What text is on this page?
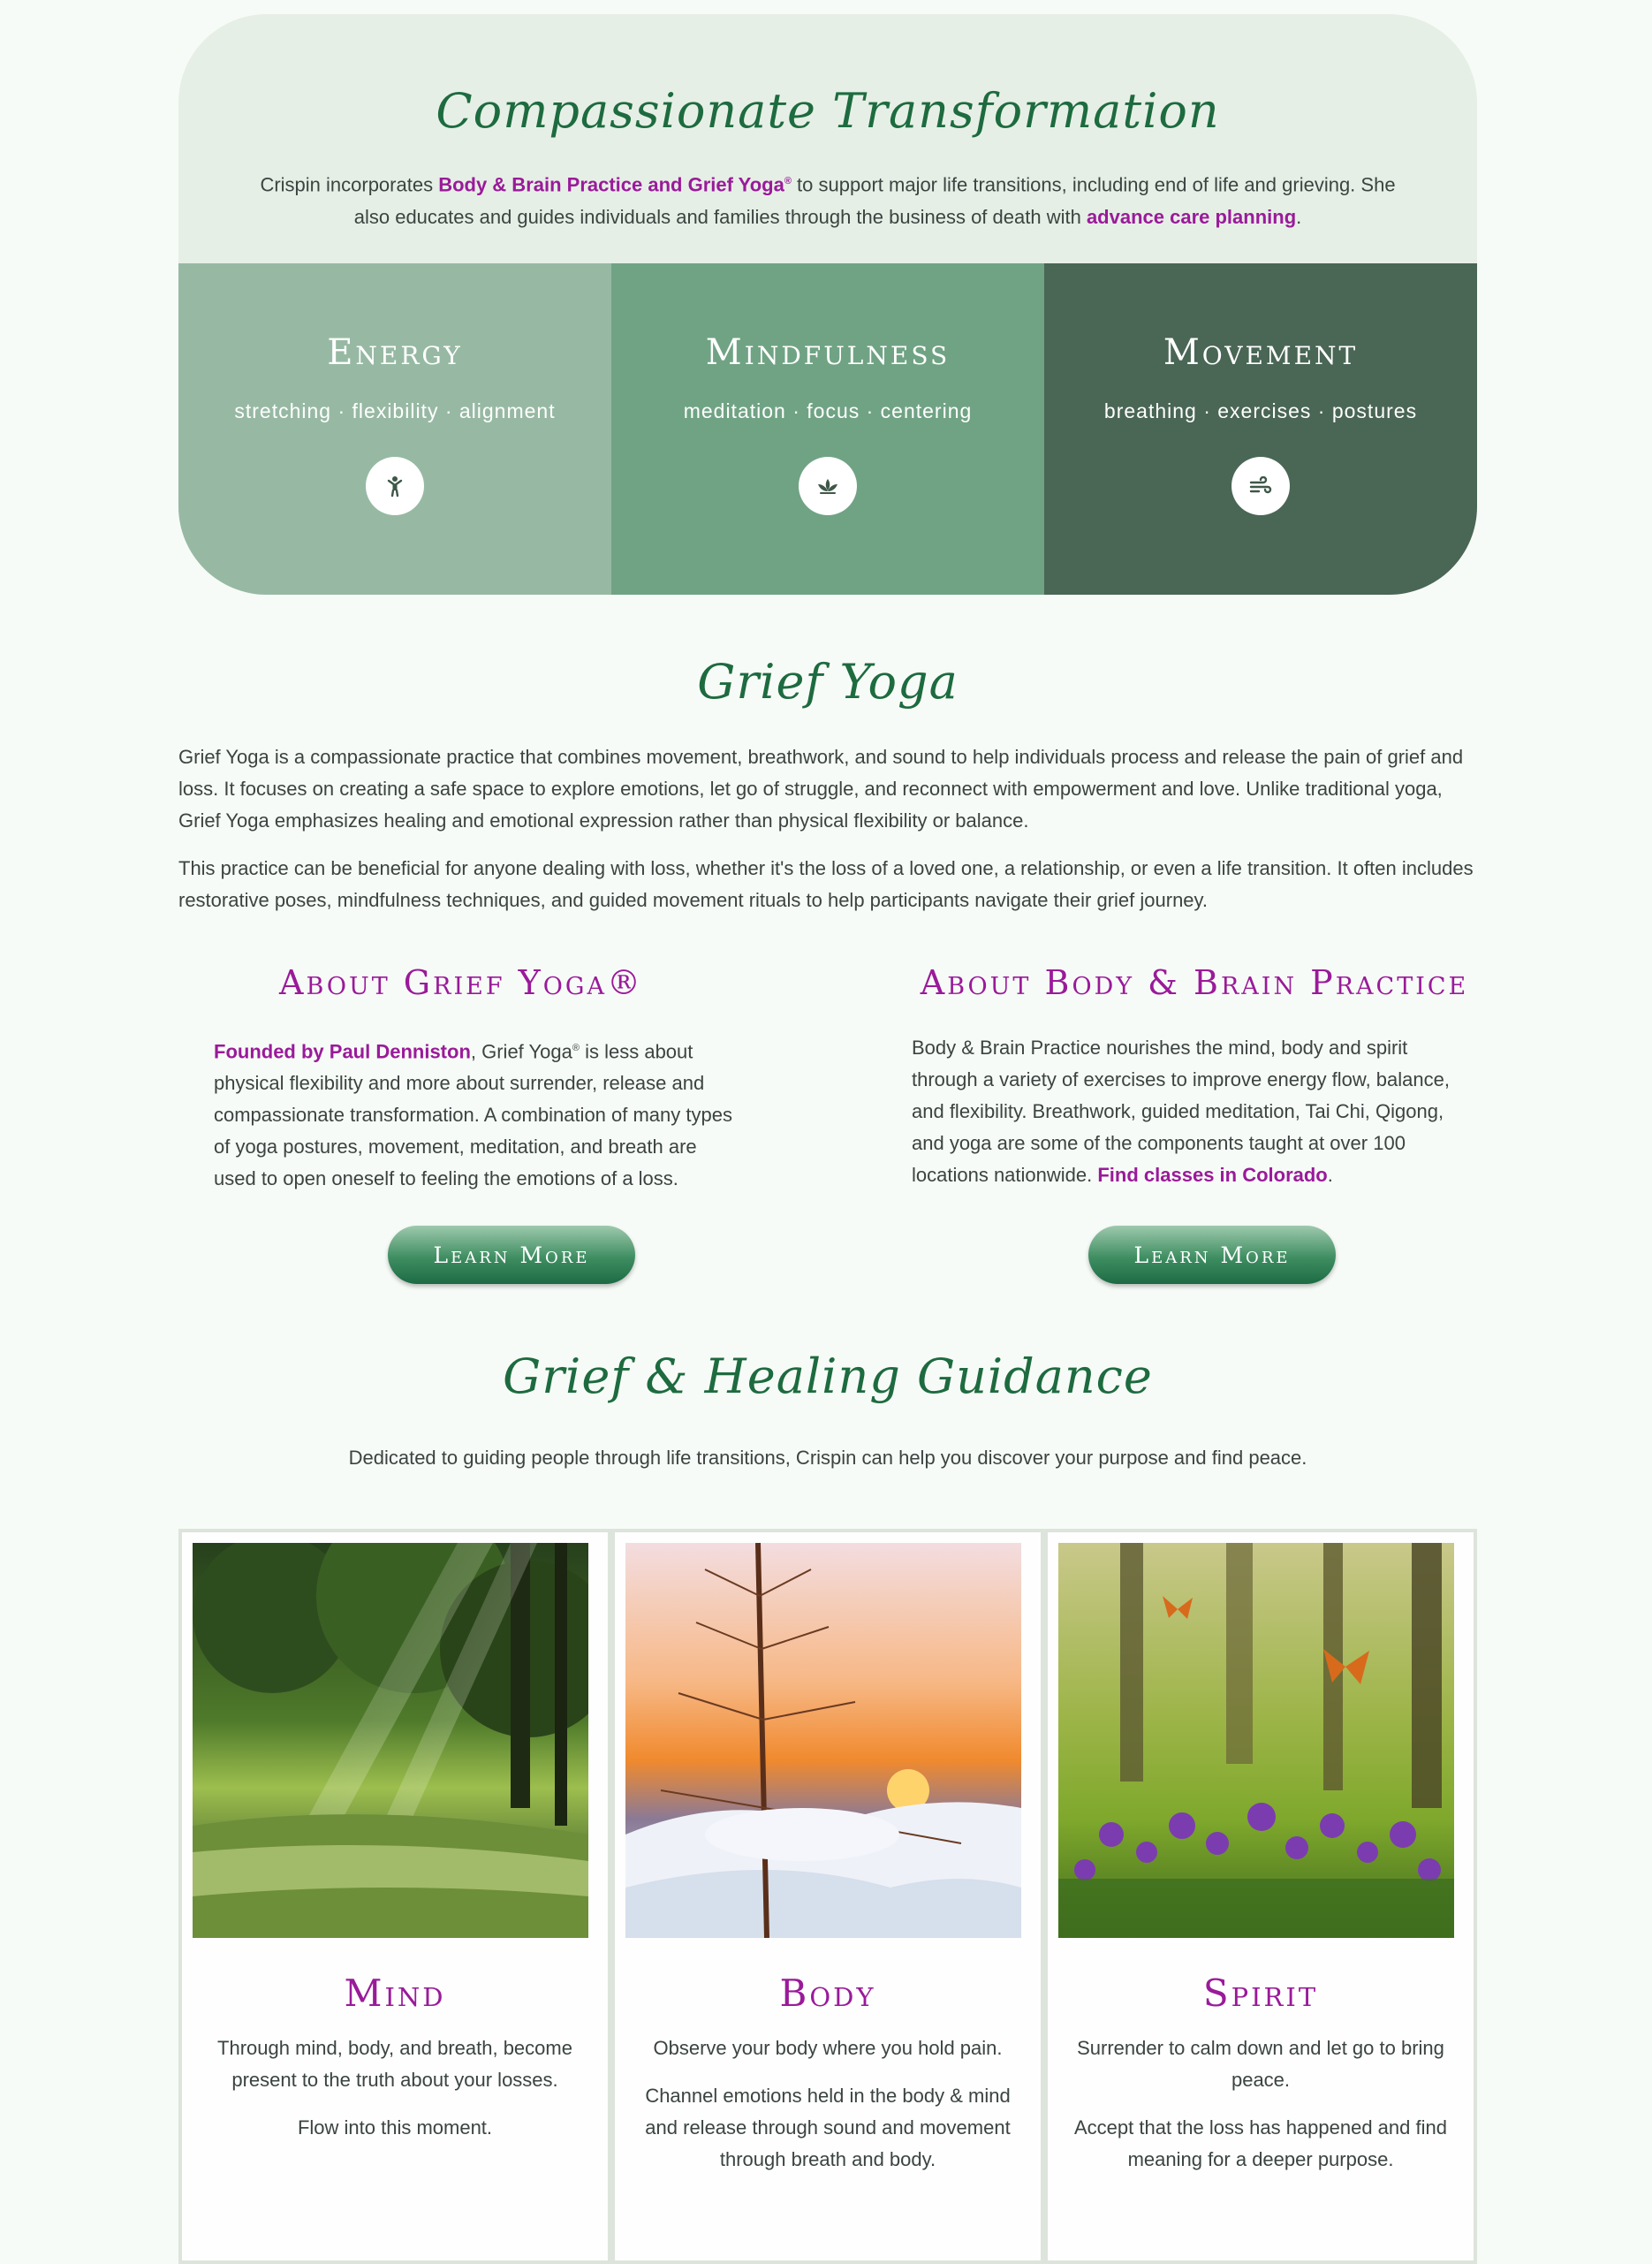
Compassionate Transformation

Crispin incorporates Body & Brain Practice and Grief Yoga® to support major life transitions, including end of life and grieving. She also educates and guides individuals and families through the business of death with advance care planning.

Energy
stretching · flexibility · alignment
Mindfulness
meditation · focus · centering
Movement
breathing · exercises · postures
Grief Yoga

Grief Yoga is a compassionate practice that combines movement, breathwork, and sound to help individuals process and release the pain of grief and loss. It focuses on creating a safe space to explore emotions, let go of struggle, and reconnect with empowerment and love. Unlike traditional yoga, Grief Yoga emphasizes healing and emotional expression rather than physical flexibility or balance.

This practice can be beneficial for anyone dealing with loss, whether it's the loss of a loved one, a relationship, or even a life transition. It often includes restorative poses, mindfulness techniques, and guided movement rituals to help participants navigate their grief journey.

About Grief Yoga®

Founded by Paul Denniston, Grief Yoga® is less about physical flexibility and more about surrender, release and compassionate transformation. A combination of many types of yoga postures, movement, meditation, and breath are used to open oneself to feeling the emotions of a loss.

Learn More
About Body & Brain Practice

Body & Brain Practice nourishes the mind, body and spirit through a variety of exercises to improve energy flow, balance, and flexibility. Breathwork, guided meditation, Tai Chi, Qigong, and yoga are some of the components taught at over 100 locations nationwide. Find classes in Colorado.

Learn More
Grief & Healing Guidance

Dedicated to guiding people through life transitions, Crispin can help you discover your purpose and find peace.

Mind

Through mind, body, and breath, become present to the truth about your losses.

Flow into this moment.

Body

Observe your body where you hold pain.

Channel emotions held in the body & mind and release through sound and movement through breath and body.

Spirit

Surrender to calm down and let go to bring peace.

Accept that the loss has happened and find meaning for a deeper purpose.
